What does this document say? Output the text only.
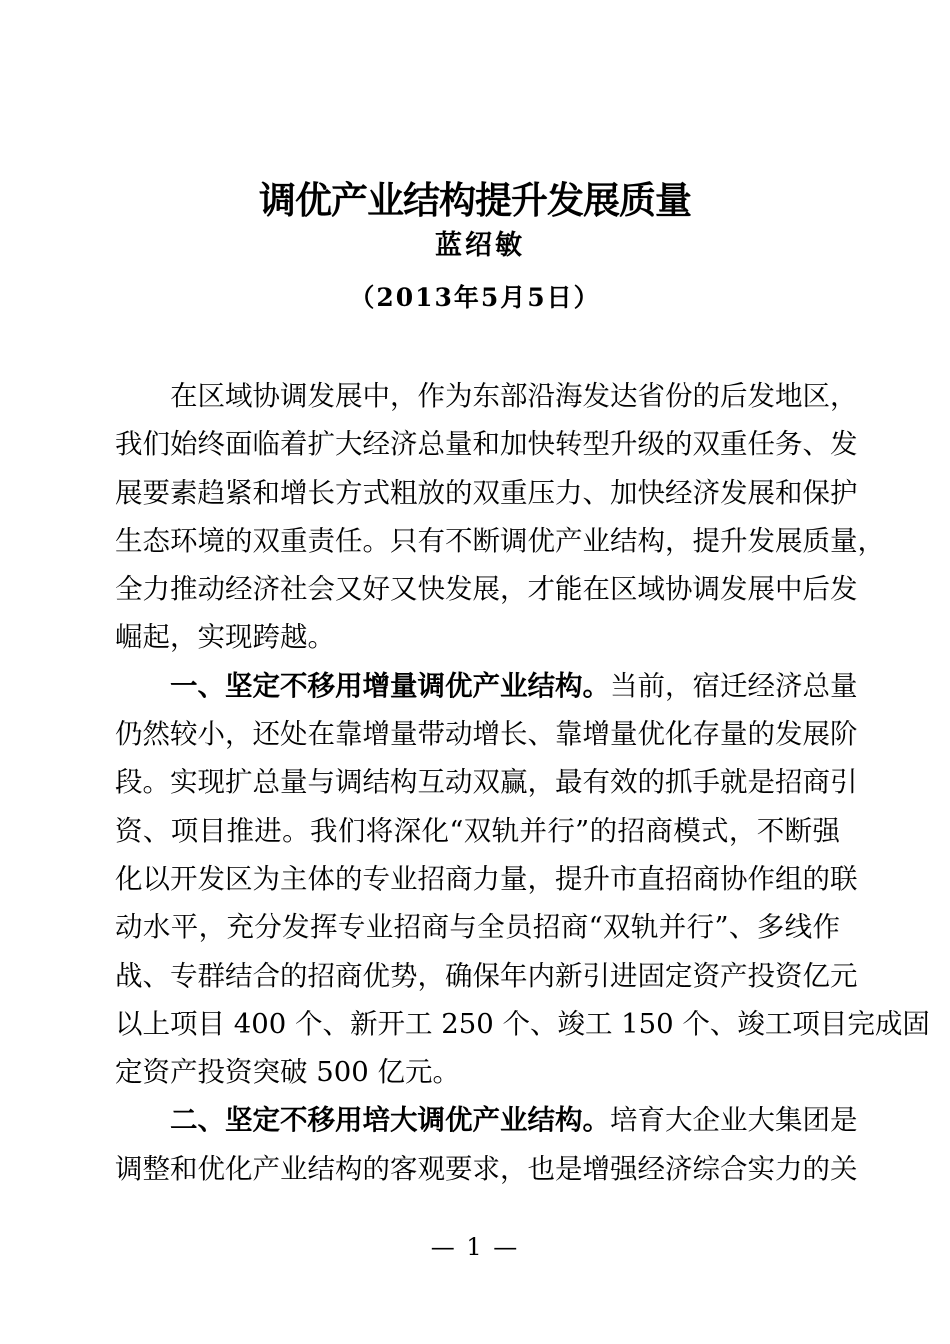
调优产业结构提升发展质量
蓝绍敏
（2013年5月5日）
在区域协调发展中，作为东部沿海发达省份的后发地区，
我们始终面临着扩大经济总量和加快转型升级的双重任务、发
展要素趋紧和增长方式粗放的双重压力、加快经济发展和保护
生态环境的双重责任。只有不断调优产业结构，提升发展质量，
全力推动经济社会又好又快发展，才能在区域协调发展中后发
崛起，实现跨越。
一、坚定不移用增量调优产业结构。当前，宿迁经济总量
仍然较小，还处在靠增量带动增长、靠增量优化存量的发展阶
段。实现扩总量与调结构互动双赢，最有效的抓手就是招商引
资、项目推进。我们将深化“双轨并行”的招商模式，不断强
化以开发区为主体的专业招商力量，提升市直招商协作组的联
动水平，充分发挥专业招商与全员招商“双轨并行”、多线作
战、专群结合的招商优势，确保年内新引进固定资产投资亿元
以上项目 400 个、新开工 250 个、竣工 150 个、竣工项目完成固
定资产投资突破 500 亿元。
二、坚定不移用培大调优产业结构。培育大企业大集团是
调整和优化产业结构的客观要求，也是增强经济综合实力的关
— 1 —
